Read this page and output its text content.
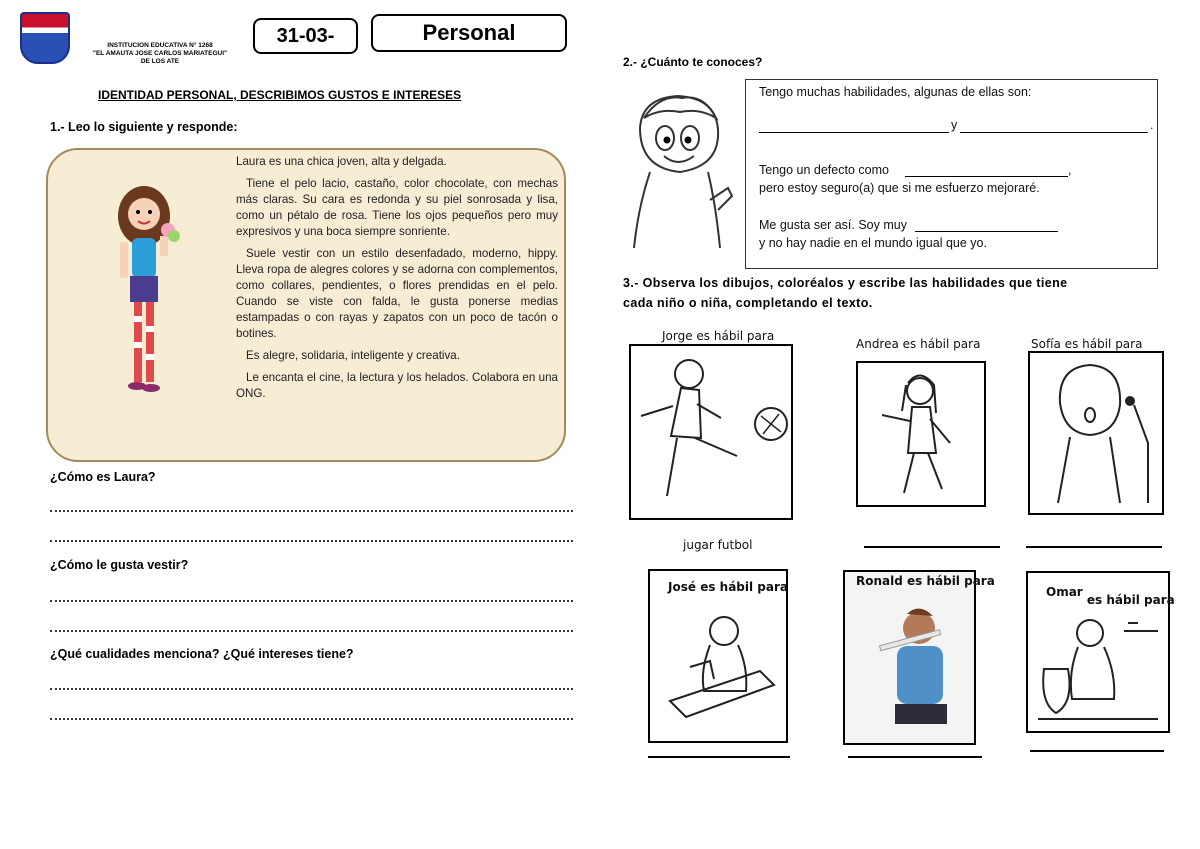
INSTITUCION EDUCATIVA N° 1268
"EL AMAUTA JOSE CARLOS MARIATEGUI"
DE LOS ATE
31-03-	Personal
IDENTIDAD PERSONAL, DESCRIBIMOS GUSTOS E INTERESES
1.- Leo lo siguiente y responde:

Laura es una chica joven, alta y delgada.

Tiene el pelo lacio, castaño, color chocolate, con mechas más claras. Su cara es redonda y su piel sonrosada y lisa, como un pétalo de rosa. Tiene los ojos pequeños pero muy expresivos y una boca siempre sonriente.

Suele vestir con un estilo desenfadado, moderno, hippy. Lleva ropa de alegres colores y se adorna con complementos, como collares, pendientes, o flores prendidas en el pelo. Cuando se viste con falda, le gusta ponerse medias estampadas o con rayas y zapatos con un poco de tacón o botines.

Es alegre, solidaria, inteligente y creativa.

Le encanta el cine, la lectura y los helados. Colabora en una ONG.

¿Cómo es Laura?
¿Cómo le gusta vestir?
¿Qué cualidades menciona? ¿Qué intereses tiene?
2.- ¿Cuánto te conoces?
Tengo muchas habilidades, algunas de ellas son:
y	.
Tengo un defecto como	,
pero estoy seguro(a) que si me esfuerzo mejoraré.
Me gusta ser así. Soy muy
y no hay nadie en el mundo igual que yo.
3.- Observa los dibujos, coloréalos y escribe las habilidades que tiene
cada niño o niña, completando el texto.
Jorge es hábil para
jugar futbol
Andrea es hábil para	Sofía es hábil para
José es hábil para	Ronald es hábil para
Omar es hábil para
